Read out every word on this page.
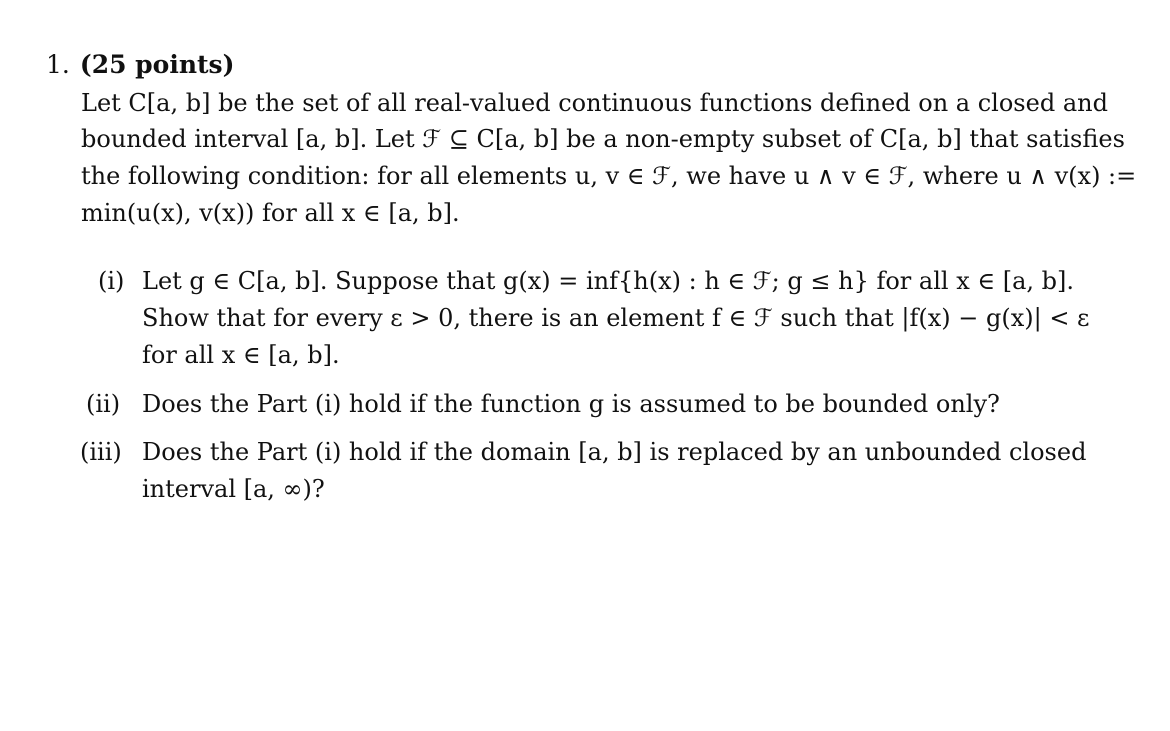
1. (25 points)
Let C[a, b] be the set of all real-valued continuous functions defined on a closed and
bounded interval [a, b]. Let ℱ ⊆ C[a, b] be a non-empty subset of C[a, b] that satisfies
the following condition: for all elements u, v ∈ ℱ, we have u ∧ v ∈ ℱ, where u ∧ v(x) :=
min(u(x), v(x)) for all x ∈ [a, b].
(i) Let g ∈ C[a, b]. Suppose that g(x) = inf{h(x) : h ∈ ℱ; g ≤ h} for all x ∈ [a, b].
Show that for every ε > 0, there is an element f ∈ ℱ such that |f(x) − g(x)| < ε
for all x ∈ [a, b].
(ii) Does the Part (i) hold if the function g is assumed to be bounded only?
(iii) Does the Part (i) hold if the domain [a, b] is replaced by an unbounded closed
interval [a, ∞)?
